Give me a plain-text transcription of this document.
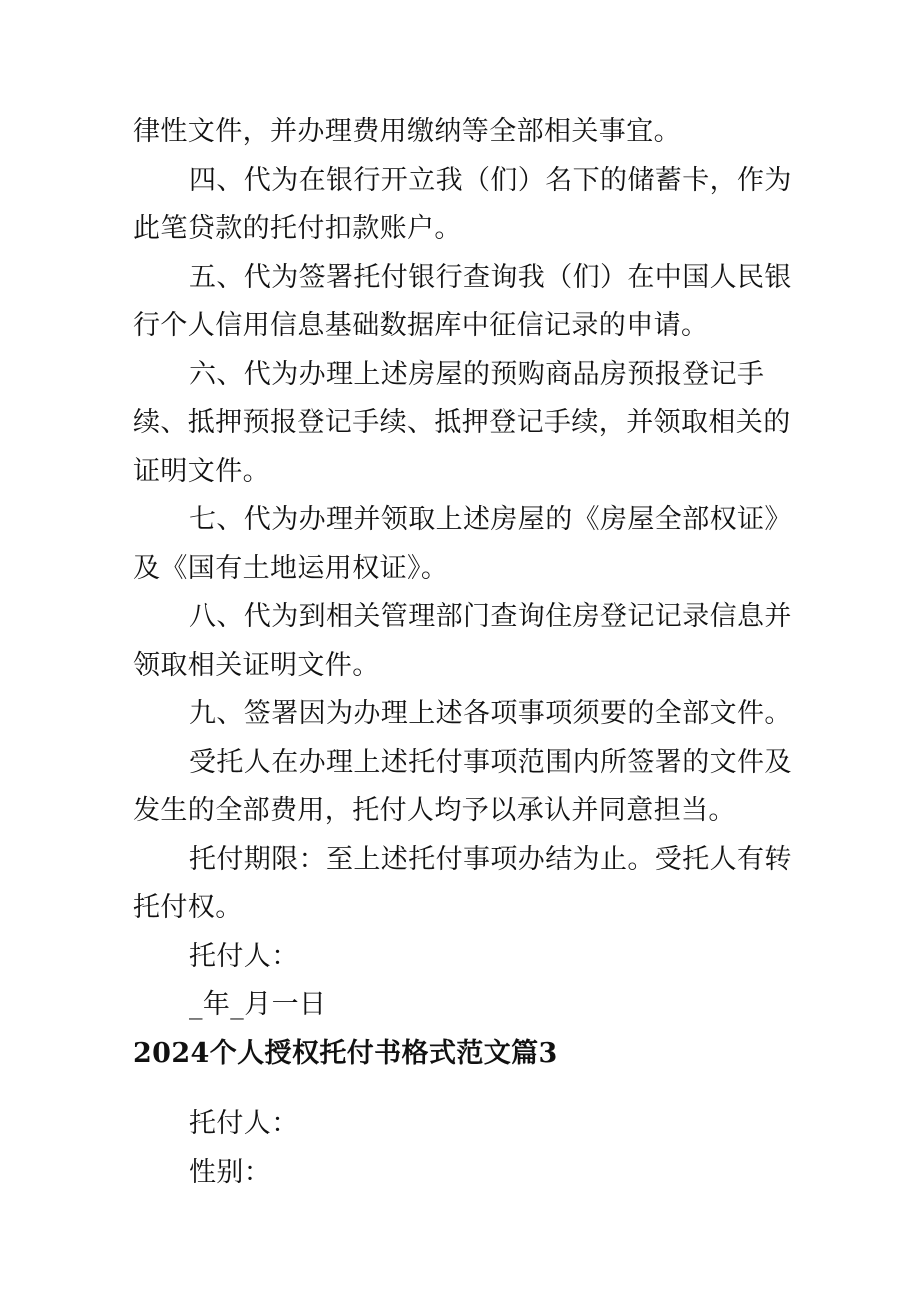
律性文件，并办理费用缴纳等全部相关事宜。

四、代为在银行开立我（们）名下的储蓄卡，作为此笔贷款的托付扣款账户。

五、代为签署托付银行查询我（们）在中国人民银行个人信用信息基础数据库中征信记录的申请。

六、代为办理上述房屋的预购商品房预报登记手续、抵押预报登记手续、抵押登记手续，并领取相关的证明文件。

七、代为办理并领取上述房屋的《房屋全部权证》及《国有土地运用权证》。

八、代为到相关管理部门查询住房登记记录信息并领取相关证明文件。

九、签署因为办理上述各项事项须要的全部文件。

受托人在办理上述托付事项范围内所签署的文件及发生的全部费用，托付人均予以承认并同意担当。

托付期限：至上述托付事项办结为止。受托人有转托付权。

托付人：

_年_月一日

2024个人授权托付书格式范文篇3

托付人：

性别：
